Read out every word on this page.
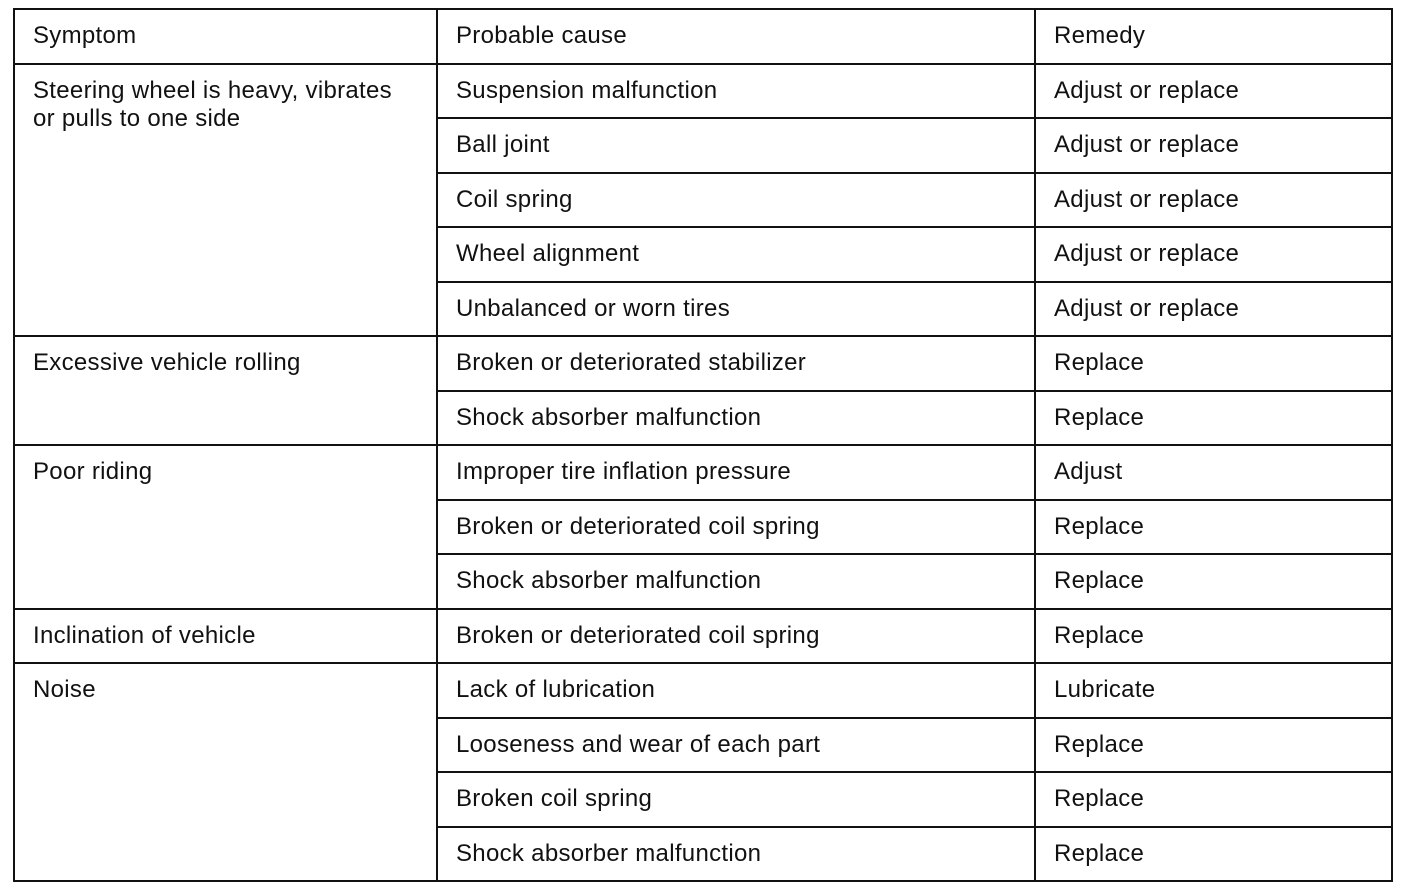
Symptom	Probable cause	Remedy

Steering wheel is heavy, vibrates or pulls to one side	Suspension malfunction	Adjust or replace

	Ball joint	Adjust or replace

	Coil spring	Adjust or replace

	Wheel alignment	Adjust or replace

	Unbalanced or worn tires	Adjust or replace

Excessive vehicle rolling	Broken or deteriorated stabilizer	Replace

	Shock absorber malfunction	Replace

Poor riding	Improper tire inflation pressure	Adjust

	Broken or deteriorated coil spring	Replace

	Shock absorber malfunction	Replace

Inclination of vehicle	Broken or deteriorated coil spring	Replace

Noise	Lack of lubrication	Lubricate

	Looseness and wear of each part	Replace

	Broken coil spring	Replace

	Shock absorber malfunction	Replace
